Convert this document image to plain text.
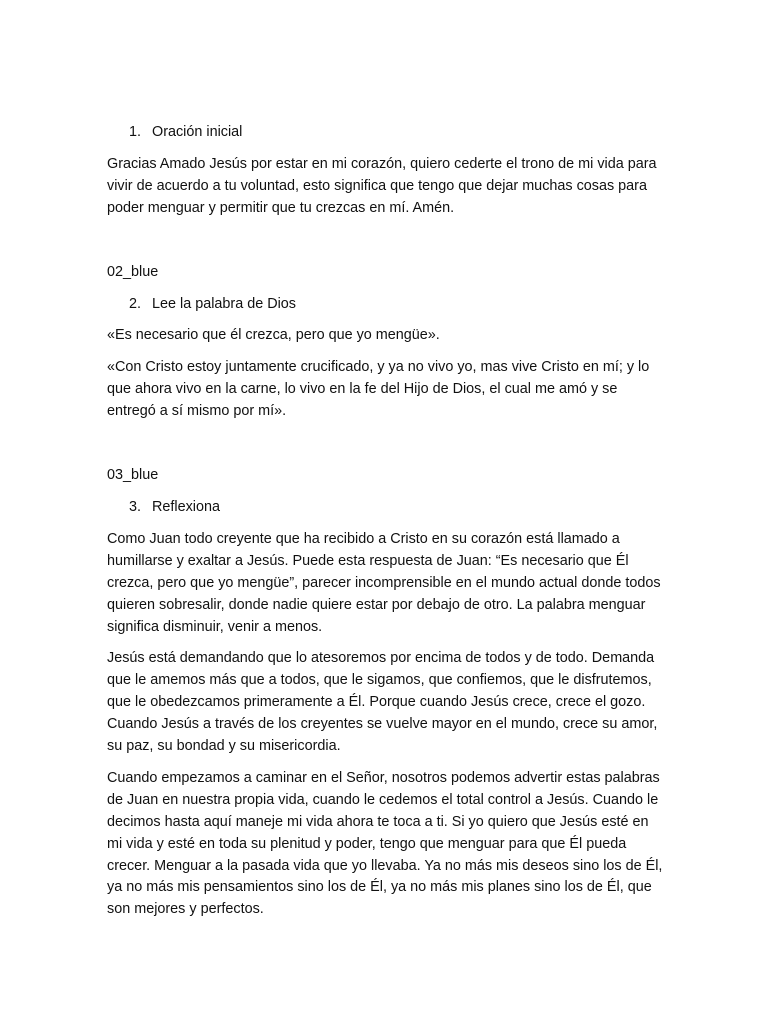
1. Oración inicial

Gracias Amado Jesús por estar en mi corazón, quiero cederte el trono de mi vida para vivir de acuerdo a tu voluntad, esto significa que tengo que dejar muchas cosas para poder menguar y permitir que tu crezcas en mí. Amén.

02_blue
2. Lee la palabra de Dios

«Es necesario que él crezca, pero que yo mengüe».

«Con Cristo estoy juntamente crucificado, y ya no vivo yo, mas vive Cristo en mí; y lo que ahora vivo en la carne, lo vivo en la fe del Hijo de Dios, el cual me amó y se entregó a sí mismo por mí».

03_blue
3. Reflexiona

Como Juan todo creyente que ha recibido a Cristo en su corazón está llamado a humillarse y exaltar a Jesús. Puede esta respuesta de Juan: “Es necesario que Él crezca, pero que yo mengüe”, parecer incomprensible en el mundo actual donde todos quieren sobresalir, donde nadie quiere estar por debajo de otro. La palabra menguar significa disminuir, venir a menos.

Jesús está demandando que lo atesoremos por encima de todos y de todo. Demanda que le amemos más que a todos, que le sigamos, que confiemos, que le disfrutemos, que le obedezcamos primeramente a Él. Porque cuando Jesús crece, crece el gozo. Cuando Jesús a través de los creyentes se vuelve mayor en el mundo, crece su amor, su paz, su bondad y su misericordia.

Cuando empezamos a caminar en el Señor, nosotros podemos advertir estas palabras de Juan en nuestra propia vida, cuando le cedemos el total control a Jesús. Cuando le decimos hasta aquí maneje mi vida ahora te toca a ti. Si yo quiero que Jesús esté en mi vida y esté en toda su plenitud y poder, tengo que menguar para que Él pueda crecer. Menguar a la pasada vida que yo llevaba. Ya no más mis deseos sino los de Él, ya no más mis pensamientos sino los de Él, ya no más mis planes sino los de Él, que son mejores y perfectos.
